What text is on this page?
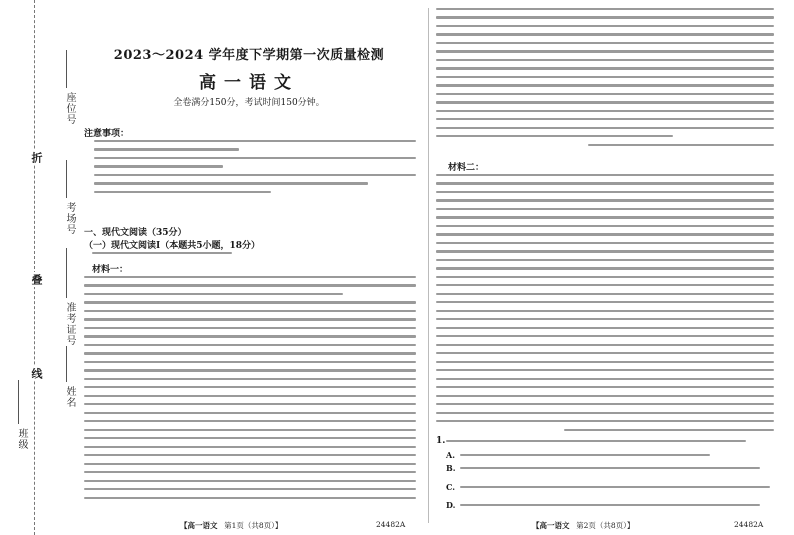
折
叠
线
座位号
考场号
准考证号
姓名
班级
2023～2024 学年度下学期第一次质量检测
高一语文
全卷满分150分，考试时间150分钟。
注意事项：
一、现代文阅读（35分）
（一）现代文阅读Ⅰ（本题共5小题，18分）
材料一：
【高一语文 第1页（共8页）】	24482A
材料二：
1.
A.
B.
C.
D.
【高一语文 第2页（共8页）】	24482A
